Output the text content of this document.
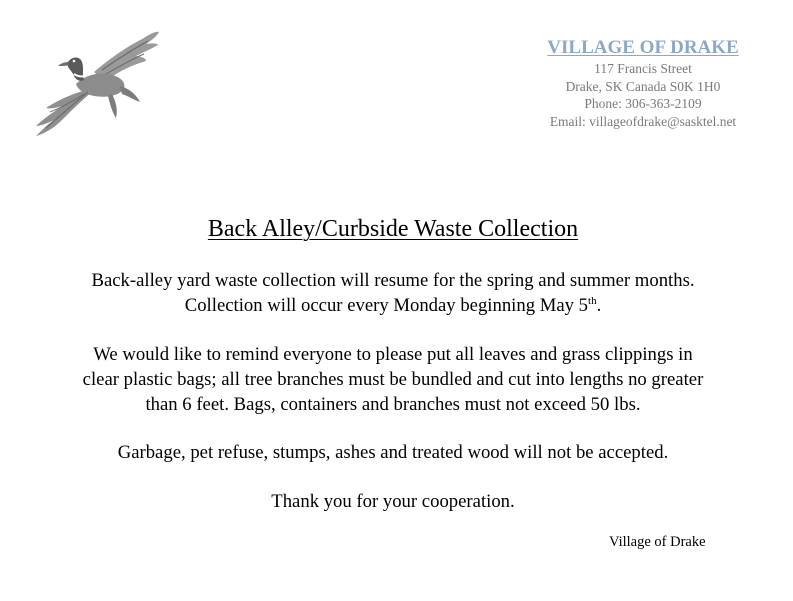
VILLAGE OF DRAKE
117 Francis Street
Drake, SK Canada S0K 1H0
Phone: 306-363-2109
Email: villageofdrake@sasktel.net
Back Alley/Curbside Waste Collection
Back-alley yard waste collection will resume for the spring and summer months.
Collection will occur every Monday beginning May 5th.
We would like to remind everyone to please put all leaves and grass clippings in
clear plastic bags; all tree branches must be bundled and cut into lengths no greater
than 6 feet. Bags, containers and branches must not exceed 50 lbs.
Garbage, pet refuse, stumps, ashes and treated wood will not be accepted.
Thank you for your cooperation.
Village of Drake
